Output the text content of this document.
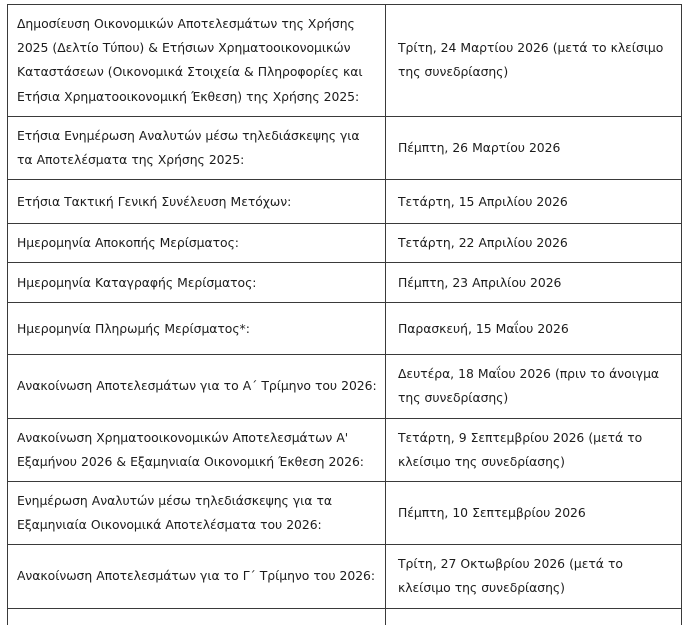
Δημοσίευση Οικονομικών Αποτελεσμάτων της Χρήσης 2025 (Δελτίο Τύπου) & Ετήσιων Χρηματοοικονομικών Καταστάσεων (Οικονομικά Στοιχεία & Πληροφορίες και Ετήσια Χρηματοοικονομική Έκθεση) της Χρήσης 2025:	Τρίτη, 24 Μαρτίου 2026 (μετά το κλείσιμο της συνεδρίασης)

Ετήσια Ενημέρωση Αναλυτών μέσω τηλεδιάσκεψης για τα Αποτελέσματα της Χρήσης 2025:	Πέμπτη, 26 Μαρτίου 2026

Ετήσια Τακτική Γενική Συνέλευση Μετόχων:	Τετάρτη, 15 Απριλίου 2026

Ημερομηνία Αποκοπής Μερίσματος:	Τετάρτη, 22 Απριλίου 2026

Ημερομηνία Καταγραφής Μερίσματος:	Πέμπτη, 23 Απριλίου 2026

Ημερομηνία Πληρωμής Μερίσματος*:	Παρασκευή, 15 Μαΐου 2026

Ανακοίνωση Αποτελεσμάτων για το Α΄ Τρίμηνο του 2026:	Δευτέρα, 18 Μαΐου 2026 (πριν το άνοιγμα της συνεδρίασης)

Ανακοίνωση Χρηματοοικονομικών Αποτελεσμάτων Α' Εξαμήνου 2026 & Εξαμηνιαία Οικονομική Έκθεση 2026:	Τετάρτη, 9 Σεπτεμβρίου 2026 (μετά το κλείσιμο της συνεδρίασης)

Ενημέρωση Αναλυτών μέσω τηλεδιάσκεψης για τα Εξαμηνιαία Οικονομικά Αποτελέσματα του 2026:	Πέμπτη, 10 Σεπτεμβρίου 2026

Ανακοίνωση Αποτελεσμάτων για το Γ΄ Τρίμηνο του 2026:	Τρίτη, 27 Οκτωβρίου 2026 (μετά το κλείσιμο της συνεδρίασης)
